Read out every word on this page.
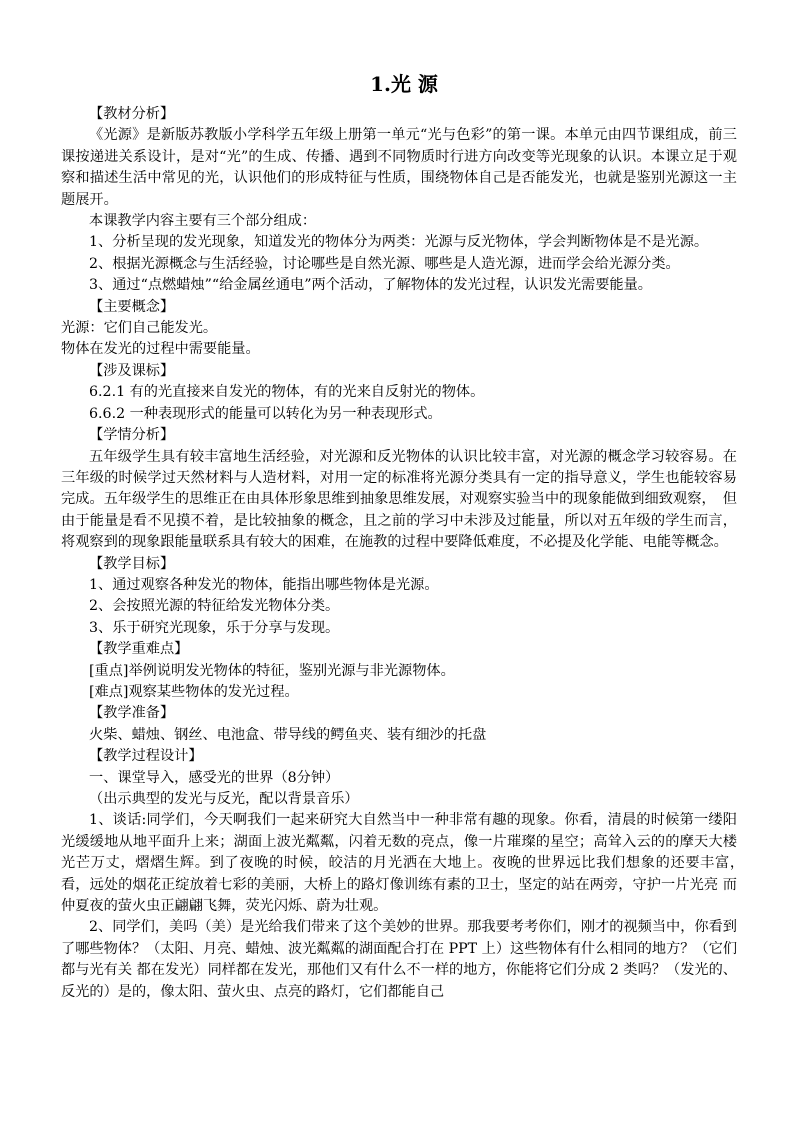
1.光 源

【教材分析】

《光源》是新版苏教版小学科学五年级上册第一单元“光与色彩”的第一课。本单元由四节课组成，前三课按递进关系设计，是对“光”的生成、传播、遇到不同物质时行进方向改变等光现象的认识。本课立足于观察和描述生活中常见的光，认识他们的形成特征与性质，围绕物体自己是否能发光，也就是鉴别光源这一主题展开。

本课教学内容主要有三个部分组成：

1、分析呈现的发光现象，知道发光的物体分为两类：光源与反光物体，学会判断物体是不是光源。

2、根据光源概念与生活经验，讨论哪些是自然光源、哪些是人造光源，进而学会给光源分类。

3、通过“点燃蜡烛”“给金属丝通电”两个活动，了解物体的发光过程，认识发光需要能量。

【主要概念】

光源：它们自己能发光。

物体在发光的过程中需要能量。

【涉及课标】

6.2.1 有的光直接来自发光的物体，有的光来自反射光的物体。

6.6.2 一种表现形式的能量可以转化为另一种表现形式。

【学情分析】

五年级学生具有较丰富地生活经验，对光源和反光物体的认识比较丰富，对光源的概念学习较容易。在三年级的时候学过天然材料与人造材料，对用一定的标准将光源分类具有一定的指导意义，学生也能较容易完成。五年级学生的思维正在由具体形象思维到抽象思维发展，对观察实验当中的现象能做到细致观察，　但由于能量是看不见摸不着，是比较抽象的概念，且之前的学习中未涉及过能量，所以对五年级的学生而言，将观察到的现象跟能量联系具有较大的困难，在施教的过程中要降低难度，不必提及化学能、电能等概念。

【教学目标】

1、通过观察各种发光的物体，能指出哪些物体是光源。

2、会按照光源的特征给发光物体分类。

3、乐于研究光现象，乐于分享与发现。

【教学重难点】

[重点]举例说明发光物体的特征，鉴别光源与非光源物体。

[难点]观察某些物体的发光过程。

【教学准备】

火柴、蜡烛、钢丝、电池盒、带导线的鳄鱼夹、装有细沙的托盘

【教学过程设计】

一、课堂导入，感受光的世界（8分钟）

（出示典型的发光与反光，配以背景音乐）

1、谈话:同学们，今天啊我们一起来研究大自然当中一种非常有趣的现象。你看，清晨的时候第一缕阳光缓缓地从地平面升上来；湖面上波光粼粼，闪着无数的亮点，像一片璀璨的星空；高耸入云的的摩天大楼光芒万丈，熠熠生辉。到了夜晚的时候，皎洁的月光洒在大地上。夜晚的世界远比我们想象的还要丰富，　看，远处的烟花正绽放着七彩的美丽，大桥上的路灯像训练有素的卫士，坚定的站在两旁，守护一片光亮 而仲夏夜的萤火虫正翩翩飞舞，荧光闪烁、蔚为壮观。

2、同学们，美吗（美）是光给我们带来了这个美妙的世界。那我要考考你们，刚才的视频当中，你看到了哪些物体？（太阳、月亮、蜡烛、波光粼粼的湖面配合打在 PPT 上）这些物体有什么相同的地方？（它们都与光有关 都在发光）同样都在发光，那他们又有什么不一样的地方，你能将它们分成 2 类吗？（发光的、反光的）是的，像太阳、萤火虫、点亮的路灯，它们都能自己
